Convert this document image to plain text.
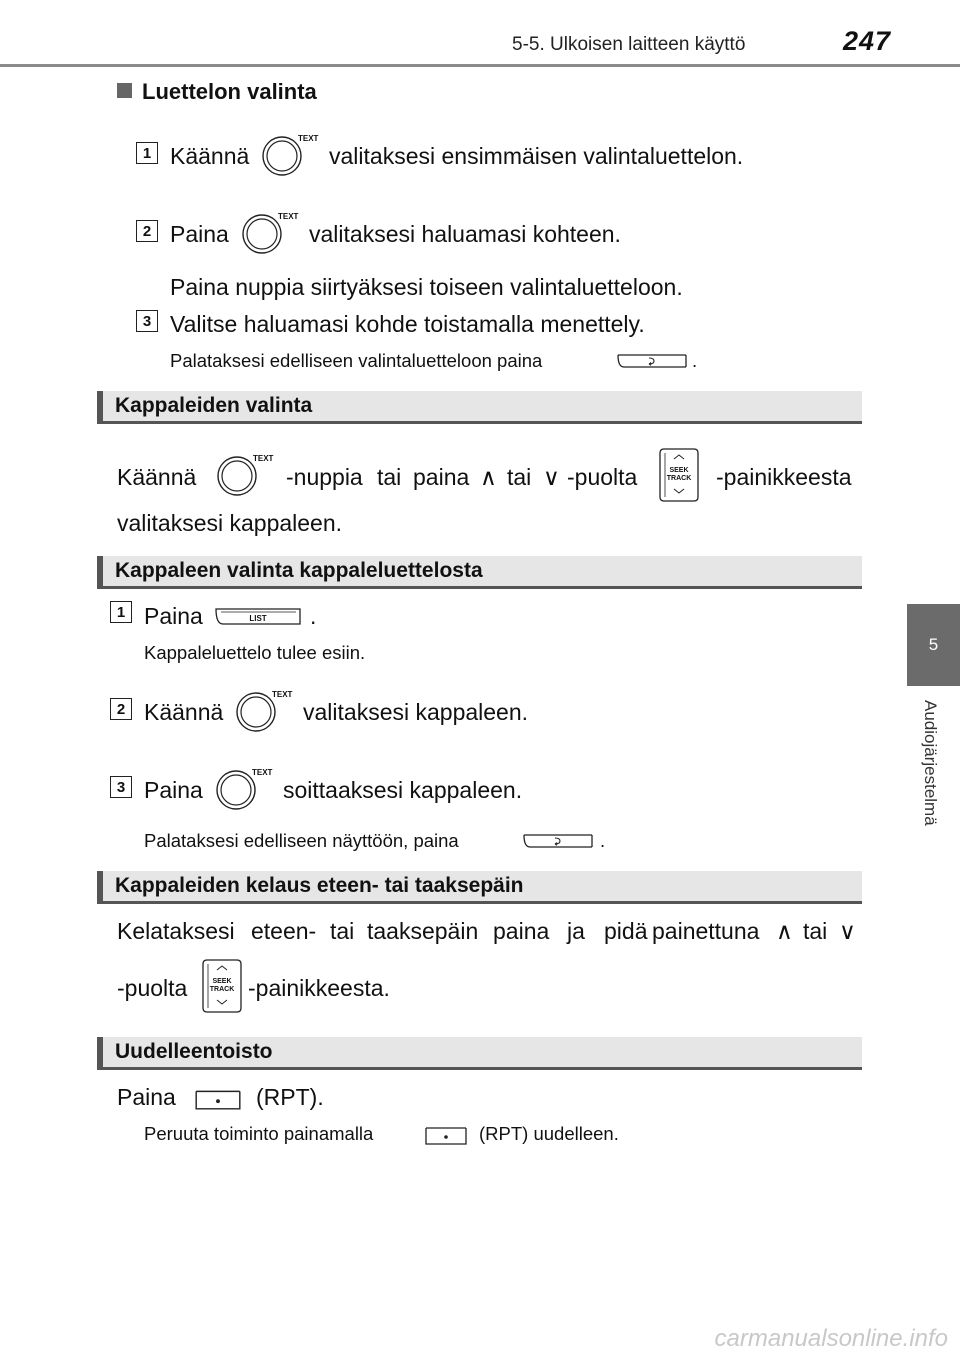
5-5. Ulkoisen laitteen käyttö	247
5
Audiojärjestelmä
Luettelon valinta
1 Käännä	valitaksesi ensimmäisen valintaluettelon.
2 Paina	valitaksesi haluamasi kohteen.
Paina nuppia siirtyäksesi toiseen valintaluetteloon.
3 Valitse haluamasi kohde toistamalla menettely.
Palataksesi edelliseen valintaluetteloon paina	.
Kappaleiden valinta
Käännä	-nuppia tai paina ∧ tai ∨ -puolta	SEEK
TRACK -painikkeesta
valitaksesi kappaleen.
Kappaleen valinta kappaleluettelosta
1 Paina	LIST .
Kappaleluettelo tulee esiin.
2 Käännä	valitaksesi kappaleen.
3 Paina	soittaaksesi kappaleen.
Palataksesi edelliseen näyttöön, paina	.
Kappaleiden kelaus eteen- tai taaksepäin
Kelataksesi eteen- tai taaksepäin paina ja pidä painettuna ∧ tai ∨
-puolta	SEEK
TRACK -painikkeesta.
Uudelleentoisto
Paina	(RPT).
Peruuta toiminto painamalla	(RPT) uudelleen.
carmanualsonline.info
